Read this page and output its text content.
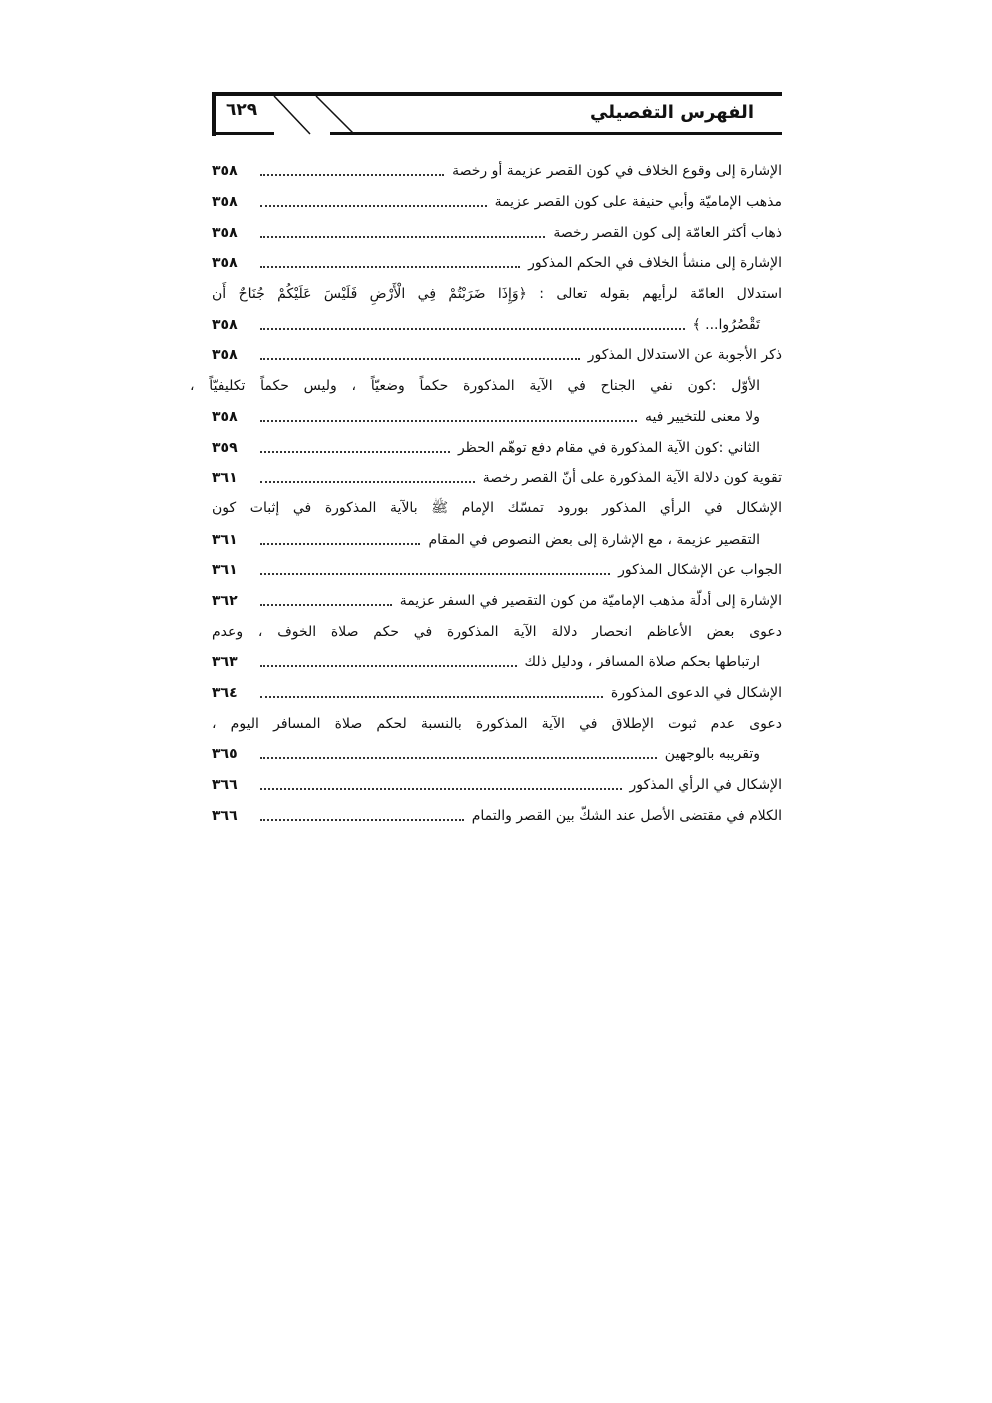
٦٢٩	الفهرس التفصيلي
الإشارة إلى وقوع الخلاف في كون القصر عزيمة أو رخصة
٣٥٨
مذهب الإماميّة وأبي حنيفة على كون القصر عزيمة
٣٥٨
ذهاب أكثر العامّة إلى كون القصر رخصة
٣٥٨
الإشارة إلى منشأ الخلاف في الحكم المذكور
٣٥٨
استدلال العامّة لرأيهم بقوله تعالى : ﴿وَإِذَا ضَرَبْتُمْ فِي الْأَرْضِ فَلَيْسَ عَلَيْكُمْ جُنَاحٌ أَن
تَقْصُرُوا... ﴾
٣٥٨
ذكر الأجوبة عن الاستدلال المذكور
٣٥٨
الأوّل :كون نفي الجناح في الآية المذكورة حكماً وضعيّاً ، وليس حكماً تكليفيّاً ،
ولا معنى للتخيير فيه
٣٥٨
الثاني :كون الآية المذكورة في مقام دفع توهّم الحظر
٣٥٩
تقوية كون دلالة الآية المذكورة على أنّ القصر رخصة
٣٦١
الإشكال في الرأي المذكور بورود تمسّك الإمام ﷺ بالآية المذكورة في إثبات كون
التقصير عزيمة ، مع الإشارة إلى بعض النصوص في المقام
٣٦١
الجواب عن الإشكال المذكور
٣٦١
الإشارة إلى أدلّة مذهب الإماميّة من كون التقصير في السفر عزيمة
٣٦٢
دعوى بعض الأعاظم انحصار دلالة الآية المذكورة في حكم صلاة الخوف ، وعدم
ارتباطها بحكم صلاة المسافر ، ودليل ذلك
٣٦٣
الإشكال في الدعوى المذكورة
٣٦٤
دعوى عدم ثبوت الإطلاق في الآية المذكورة بالنسبة لحكم صلاة المسافر اليوم ،
وتقريبه بالوجهين
٣٦٥
الإشكال في الرأي المذكور
٣٦٦
الكلام في مقتضى الأصل عند الشكّ بين القصر والتمام
٣٦٦
